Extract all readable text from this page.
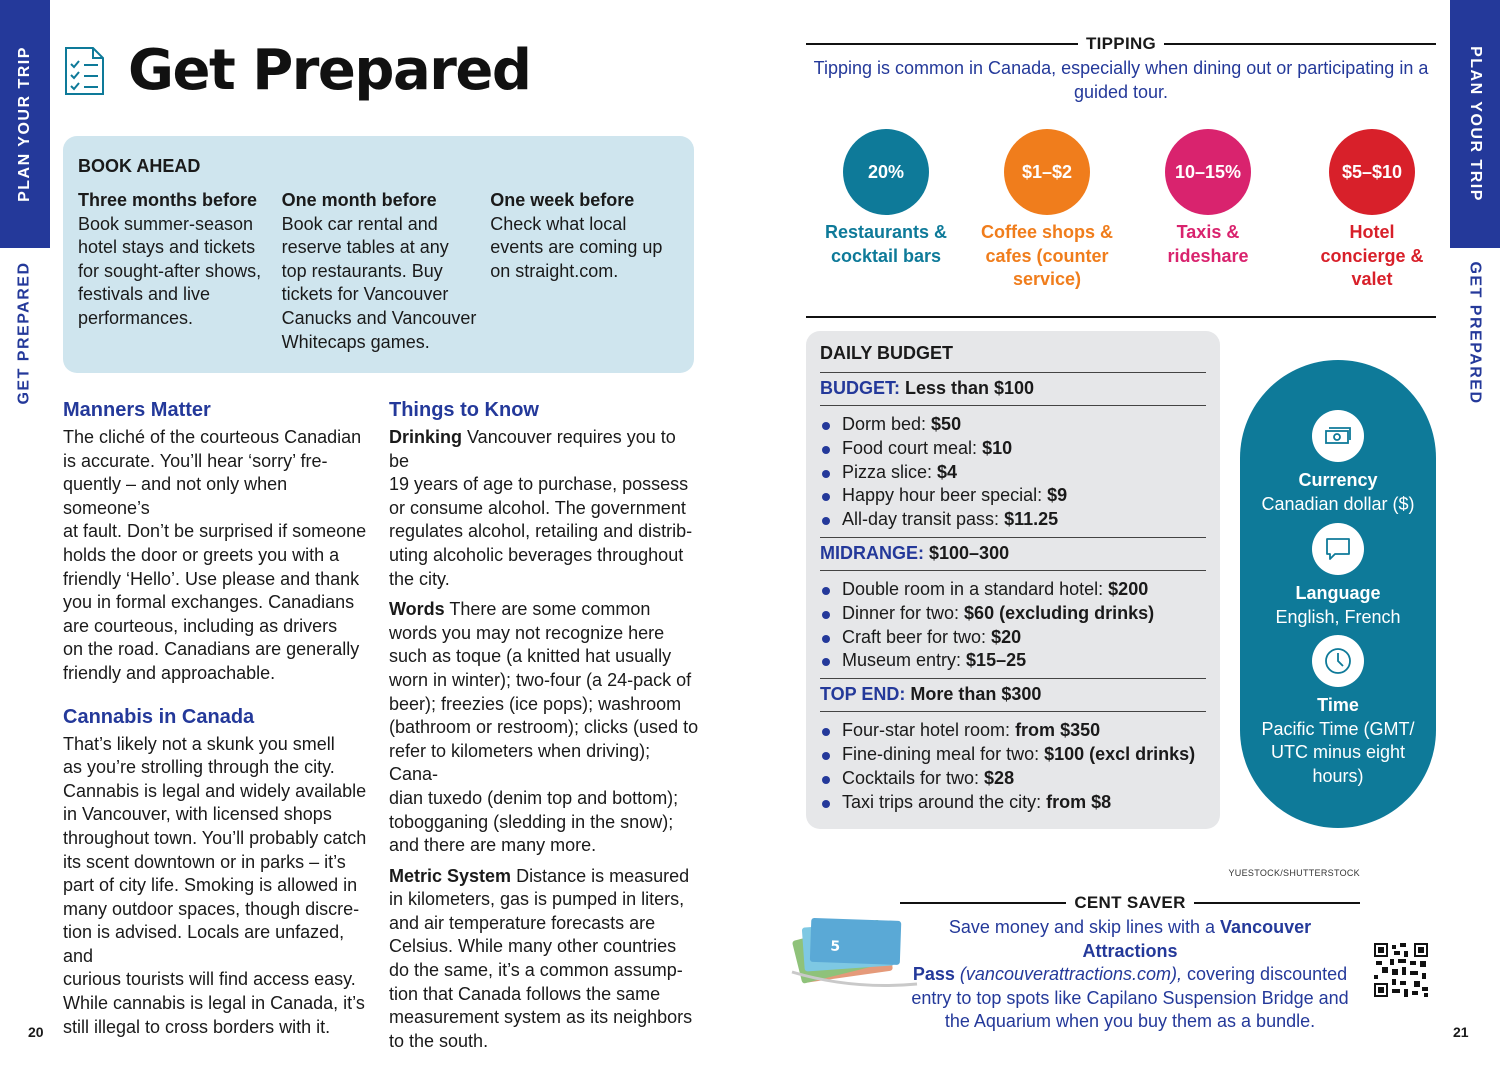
PLAN YOUR TRIP
GET PREPARED
PLAN YOUR TRIP
GET PREPARED
20	21
Get Prepared
BOOK AHEAD
Three months before
Book summer-season
hotel stays and tickets
for sought-after shows,
festivals and live
performances.
One month before
Book car rental and
reserve tables at any
top restaurants. Buy
tickets for Vancouver
Canucks and Vancouver
Whitecaps games.
One week before
Check what local
events are coming up
on straight.com.
Manners Matter
The cliché of the courteous Canadian
is accurate. You’ll hear ‘sorry’ fre-
quently – and not only when someone’s
at fault. Don’t be surprised if someone
holds the door or greets you with a
friendly ‘Hello’. Use please and thank
you in formal exchanges. Canadians
are courteous, including as drivers
on the road. Canadians are generally
friendly and approachable.
Cannabis in Canada
That’s likely not a skunk you smell
as you’re strolling through the city.
Cannabis is legal and widely available
in Vancouver, with licensed shops
throughout town. You’ll probably catch
its scent downtown or in parks – it’s
part of city life. Smoking is allowed in
many outdoor spaces, though discre-
tion is advised. Locals are unfazed, and
curious tourists will find access easy.
While cannabis is legal in Canada, it’s
still illegal to cross borders with it.
Things to Know
Drinking Vancouver requires you to be
19 years of age to purchase, possess
or consume alcohol. The government
regulates alcohol, retailing and distrib-
uting alcoholic beverages throughout
the city.
Words There are some common
words you may not recognize here
such as toque (a knitted hat usually
worn in winter); two-four (a 24-pack of
beer); freezies (ice pops); washroom
(bathroom or restroom); clicks (used to
refer to kilometers when driving); Cana-
dian tuxedo (denim top and bottom);
tobogganing (sledding in the snow);
and there are many more.
Metric System Distance is measured
in kilometers, gas is pumped in liters,
and air temperature forecasts are
Celsius. While many other countries
do the same, it’s a common assump-
tion that Canada follows the same
measurement system as its neighbors
to the south.
TIPPING
Tipping is common in Canada, especially when dining out or participating in a
guided tour.
20%
Restaurants &
cocktail bars
$1–$2
Coffee shops &
cafes (counter
service)
10–15%
Taxis &
rideshare
$5–$10
Hotel
concierge &
valet
DAILY BUDGET
BUDGET: Less than $100
Dorm bed: $50
Food court meal: $10
Pizza slice: $4
Happy hour beer special: $9
All-day transit pass: $11.25
MIDRANGE: $100–300
Double room in a standard hotel: $200
Dinner for two: $60 (excluding drinks)
Craft beer for two: $20
Museum entry: $15–25
TOP END: More than $300
Four-star hotel room: from $350
Fine-dining meal for two: $100 (excl drinks)
Cocktails for two: $28
Taxi trips around the city: from $8
Currency
Canadian dollar ($)
Language
English, French
Time
Pacific Time (GMT/
UTC minus eight
hours)
YUESTOCK/SHUTTERSTOCK
CENT SAVER
5
Save money and skip lines with a Vancouver Attractions
Pass (vancouverattractions.com), covering discounted
entry to top spots like Capilano Suspension Bridge and
the Aquarium when you buy them as a bundle.
